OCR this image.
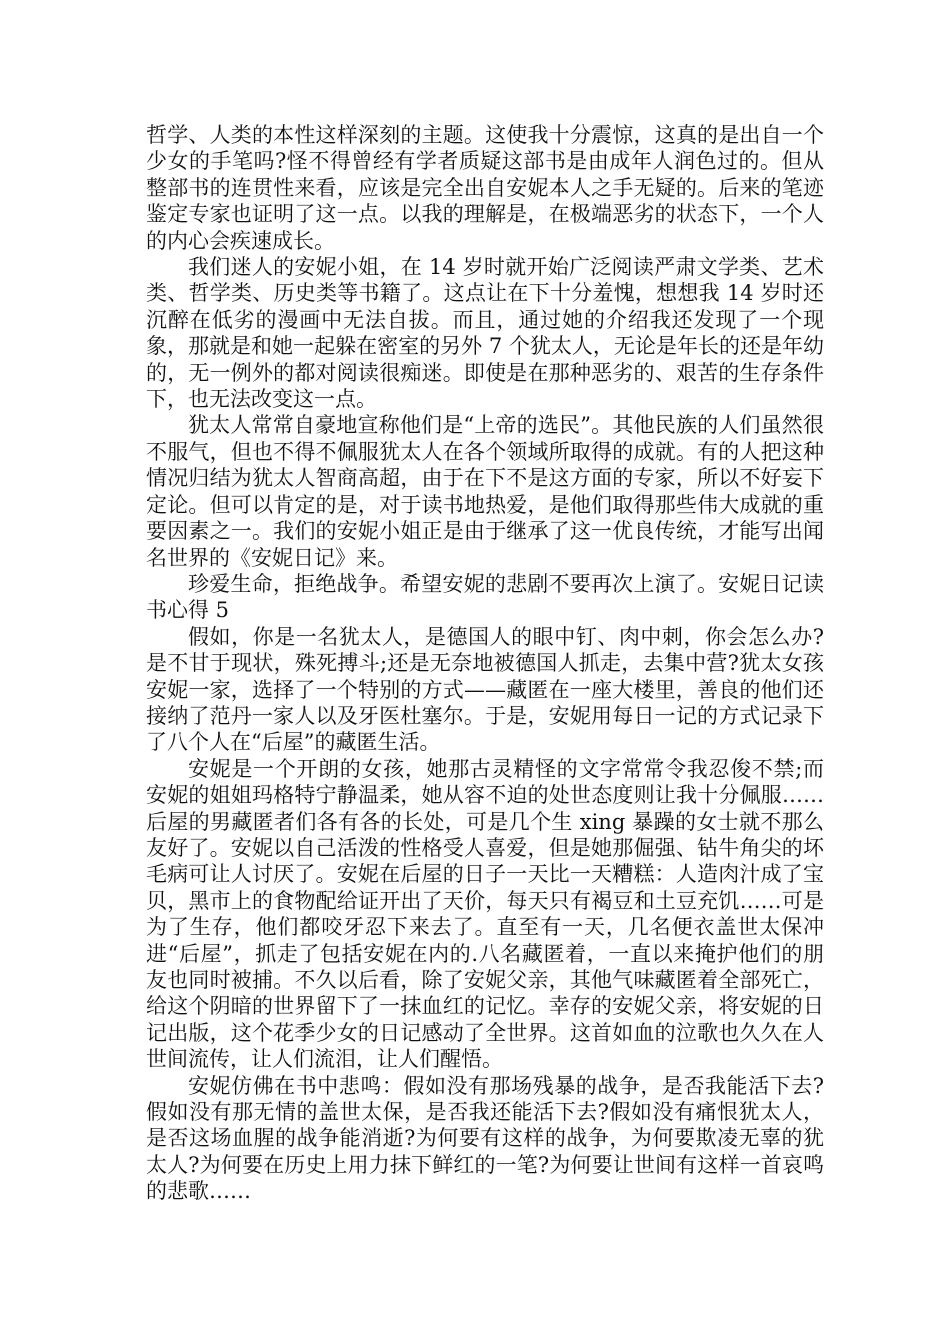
哲学、人类的本性这样深刻的主题。这使我十分震惊，这真的是出自一个少女的手笔吗?怪不得曾经有学者质疑这部书是由成年人润色过的。但从整部书的连贯性来看，应该是完全出自安妮本人之手无疑的。后来的笔迹鉴定专家也证明了这一点。以我的理解是，在极端恶劣的状态下，一个人的内心会疾速成长。

我们迷人的安妮小姐，在 14 岁时就开始广泛阅读严肃文学类、艺术类、哲学类、历史类等书籍了。这点让在下十分羞愧，想想我 14 岁时还沉醉在低劣的漫画中无法自拔。而且，通过她的介绍我还发现了一个现象，那就是和她一起躲在密室的另外 7 个犹太人，无论是年长的还是年幼的，无一例外的都对阅读很痴迷。即使是在那种恶劣的、艰苦的生存条件下，也无法改变这一点。

犹太人常常自豪地宣称他们是“上帝的选民”。其他民族的人们虽然很不服气，但也不得不佩服犹太人在各个领域所取得的成就。有的人把这种情况归结为犹太人智商高超，由于在下不是这方面的专家，所以不好妄下定论。但可以肯定的是，对于读书地热爱，是他们取得那些伟大成就的重要因素之一。我们的安妮小姐正是由于继承了这一优良传统，才能写出闻名世界的《安妮日记》来。

珍爱生命，拒绝战争。希望安妮的悲剧不要再次上演了。安妮日记读书心得 5

假如，你是一名犹太人，是德国人的眼中钉、肉中刺，你会怎么办?是不甘于现状，殊死搏斗;还是无奈地被德国人抓走，去集中营?犹太女孩安妮一家，选择了一个特别的方式——藏匿在一座大楼里，善良的他们还接纳了范丹一家人以及牙医杜塞尔。于是，安妮用每日一记的方式记录下了八个人在“后屋”的藏匿生活。

安妮是一个开朗的女孩，她那古灵精怪的文字常常令我忍俊不禁;而安妮的姐姐玛格特宁静温柔，她从容不迫的处世态度则让我十分佩服……后屋的男藏匿者们各有各的长处，可是几个生 xing 暴躁的女士就不那么友好了。安妮以自己活泼的性格受人喜爱，但是她那倔强、钻牛角尖的坏毛病可让人讨厌了。安妮在后屋的日子一天比一天糟糕：人造肉汁成了宝贝，黑市上的食物配给证开出了天价，每天只有褐豆和土豆充饥……可是为了生存，他们都咬牙忍下来去了。直至有一天，几名便衣盖世太保冲进“后屋”，抓走了包括安妮在内的.八名藏匿着，一直以来掩护他们的朋友也同时被捕。不久以后看，除了安妮父亲，其他气味藏匿着全部死亡，给这个阴暗的世界留下了一抹血红的记忆。幸存的安妮父亲，将安妮的日记出版，这个花季少女的日记感动了全世界。这首如血的泣歌也久久在人世间流传，让人们流泪，让人们醒悟。

安妮仿佛在书中悲鸣：假如没有那场残暴的战争，是否我能活下去?假如没有那无情的盖世太保，是否我还能活下去?假如没有痛恨犹太人，是否这场血腥的战争能消逝?为何要有这样的战争，为何要欺凌无辜的犹太人?为何要在历史上用力抹下鲜红的一笔?为何要让世间有这样一首哀鸣的悲歌……
